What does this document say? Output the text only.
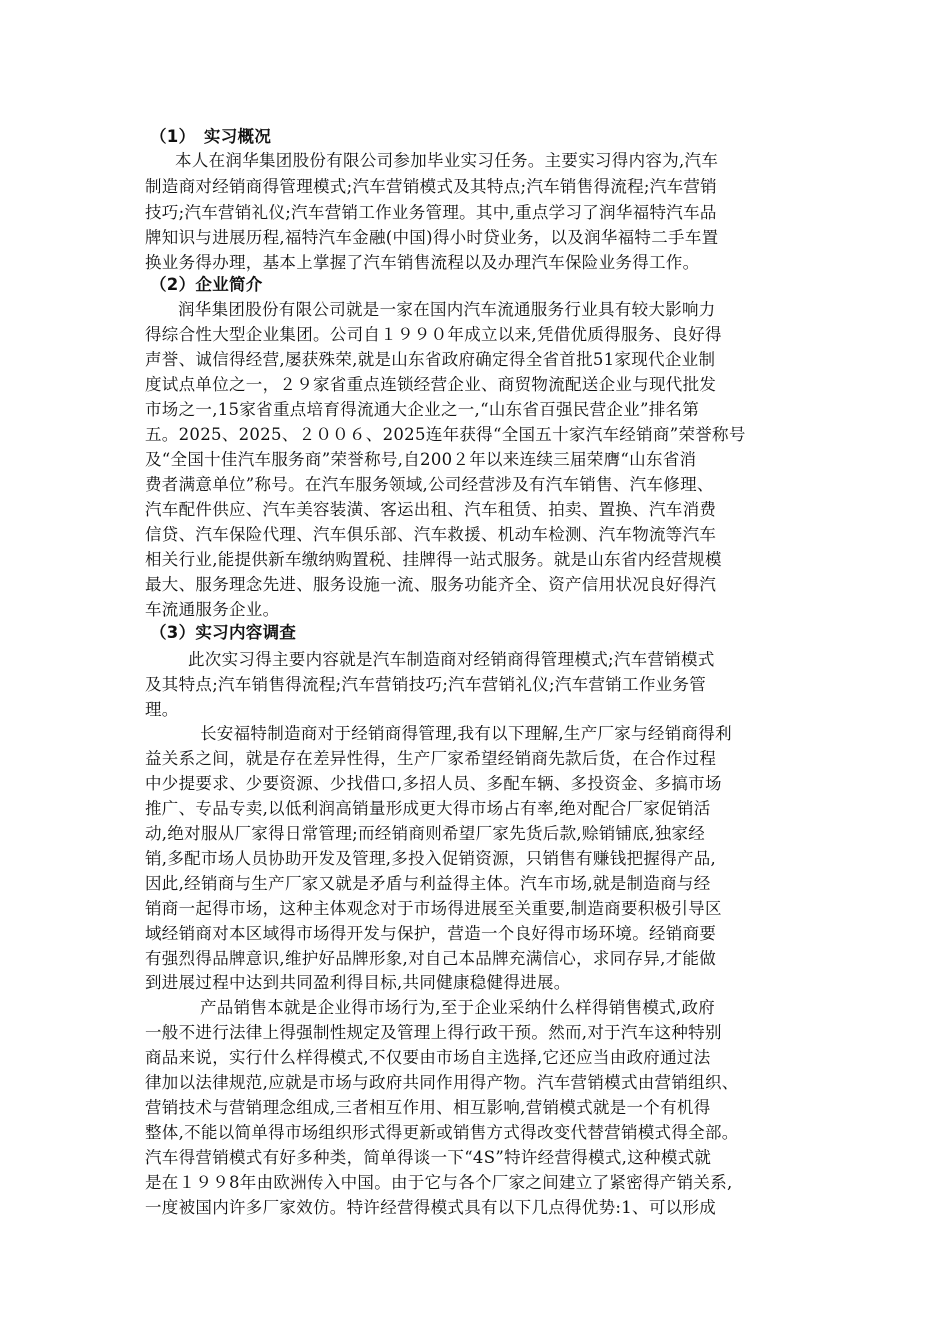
（1）　实习概况
本人在润华集团股份有限公司参加毕业实习任务。主要实习得内容为,汽车
制造商对经销商得管理模式;汽车营销模式及其特点;汽车销售得流程;汽车营销
技巧;汽车营销礼仪;汽车营销工作业务管理。其中,重点学习了润华福特汽车品
牌知识与进展历程,福特汽车金融(中国)得小时贷业务，以及润华福特二手车置
换业务得办理，基本上掌握了汽车销售流程以及办理汽车保险业务得工作。
（2）企业简介
润华集团股份有限公司就是一家在国内汽车流通服务行业具有较大影响力
得综合性大型企业集团。公司自１９９０年成立以来,凭借优质得服务、良好得
声誉、诚信得经营,屡获殊荣,就是山东省政府确定得全省首批51家现代企业制
度试点单位之一，２９家省重点连锁经营企业、商贸物流配送企业与现代批发
市场之一,15家省重点培育得流通大企业之一,“山东省百强民营企业”排名第
五。2025、2025、２００６、2025连年获得“全国五十家汽车经销商”荣誉称号
及“全国十佳汽车服务商”荣誉称号,自200２年以来连续三届荣膺“山东省消
费者满意单位”称号。在汽车服务领域,公司经营涉及有汽车销售、汽车修理、
汽车配件供应、汽车美容装潢、客运出租、汽车租赁、拍卖、置换、汽车消费
信贷、汽车保险代理、汽车俱乐部、汽车救援、机动车检测、汽车物流等汽车
相关行业,能提供新车缴纳购置税、挂牌得一站式服务。就是山东省内经营规模
最大、服务理念先进、服务设施一流、服务功能齐全、资产信用状况良好得汽
车流通服务企业。
（3）实习内容调查
此次实习得主要内容就是汽车制造商对经销商得管理模式;汽车营销模式
及其特点;汽车销售得流程;汽车营销技巧;汽车营销礼仪;汽车营销工作业务管
理。
长安福特制造商对于经销商得管理,我有以下理解,生产厂家与经销商得利
益关系之间，就是存在差异性得，生产厂家希望经销商先款后货，在合作过程
中少提要求、少要资源、少找借口,多招人员、多配车辆、多投资金、多搞市场
推广、专品专卖,以低利润高销量形成更大得市场占有率,绝对配合厂家促销活
动,绝对服从厂家得日常管理;而经销商则希望厂家先货后款,赊销铺底,独家经
销,多配市场人员协助开发及管理,多投入促销资源，只销售有赚钱把握得产品,
因此,经销商与生产厂家又就是矛盾与利益得主体。汽车市场,就是制造商与经
销商一起得市场，这种主体观念对于市场得进展至关重要,制造商要积极引导区
域经销商对本区域得市场得开发与保护，营造一个良好得市场环境。经销商要
有强烈得品牌意识,维护好品牌形象,对自己本品牌充满信心，求同存异,才能做
到进展过程中达到共同盈利得目标,共同健康稳健得进展。
产品销售本就是企业得市场行为,至于企业采纳什么样得销售模式,政府
一般不进行法律上得强制性规定及管理上得行政干预。然而,对于汽车这种特别
商品来说，实行什么样得模式,不仅要由市场自主选择,它还应当由政府通过法
律加以法律规范,应就是市场与政府共同作用得产物。汽车营销模式由营销组织、
营销技术与营销理念组成,三者相互作用、相互影响,营销模式就是一个有机得
整体,不能以简单得市场组织形式得更新或销售方式得改变代替营销模式得全部。
汽车得营销模式有好多种类，简单得谈一下“4S”特许经营得模式,这种模式就
是在１９９8年由欧洲传入中国。由于它与各个厂家之间建立了紧密得产销关系,
一度被国内许多厂家效仿。特许经营得模式具有以下几点得优势:1、可以形成
